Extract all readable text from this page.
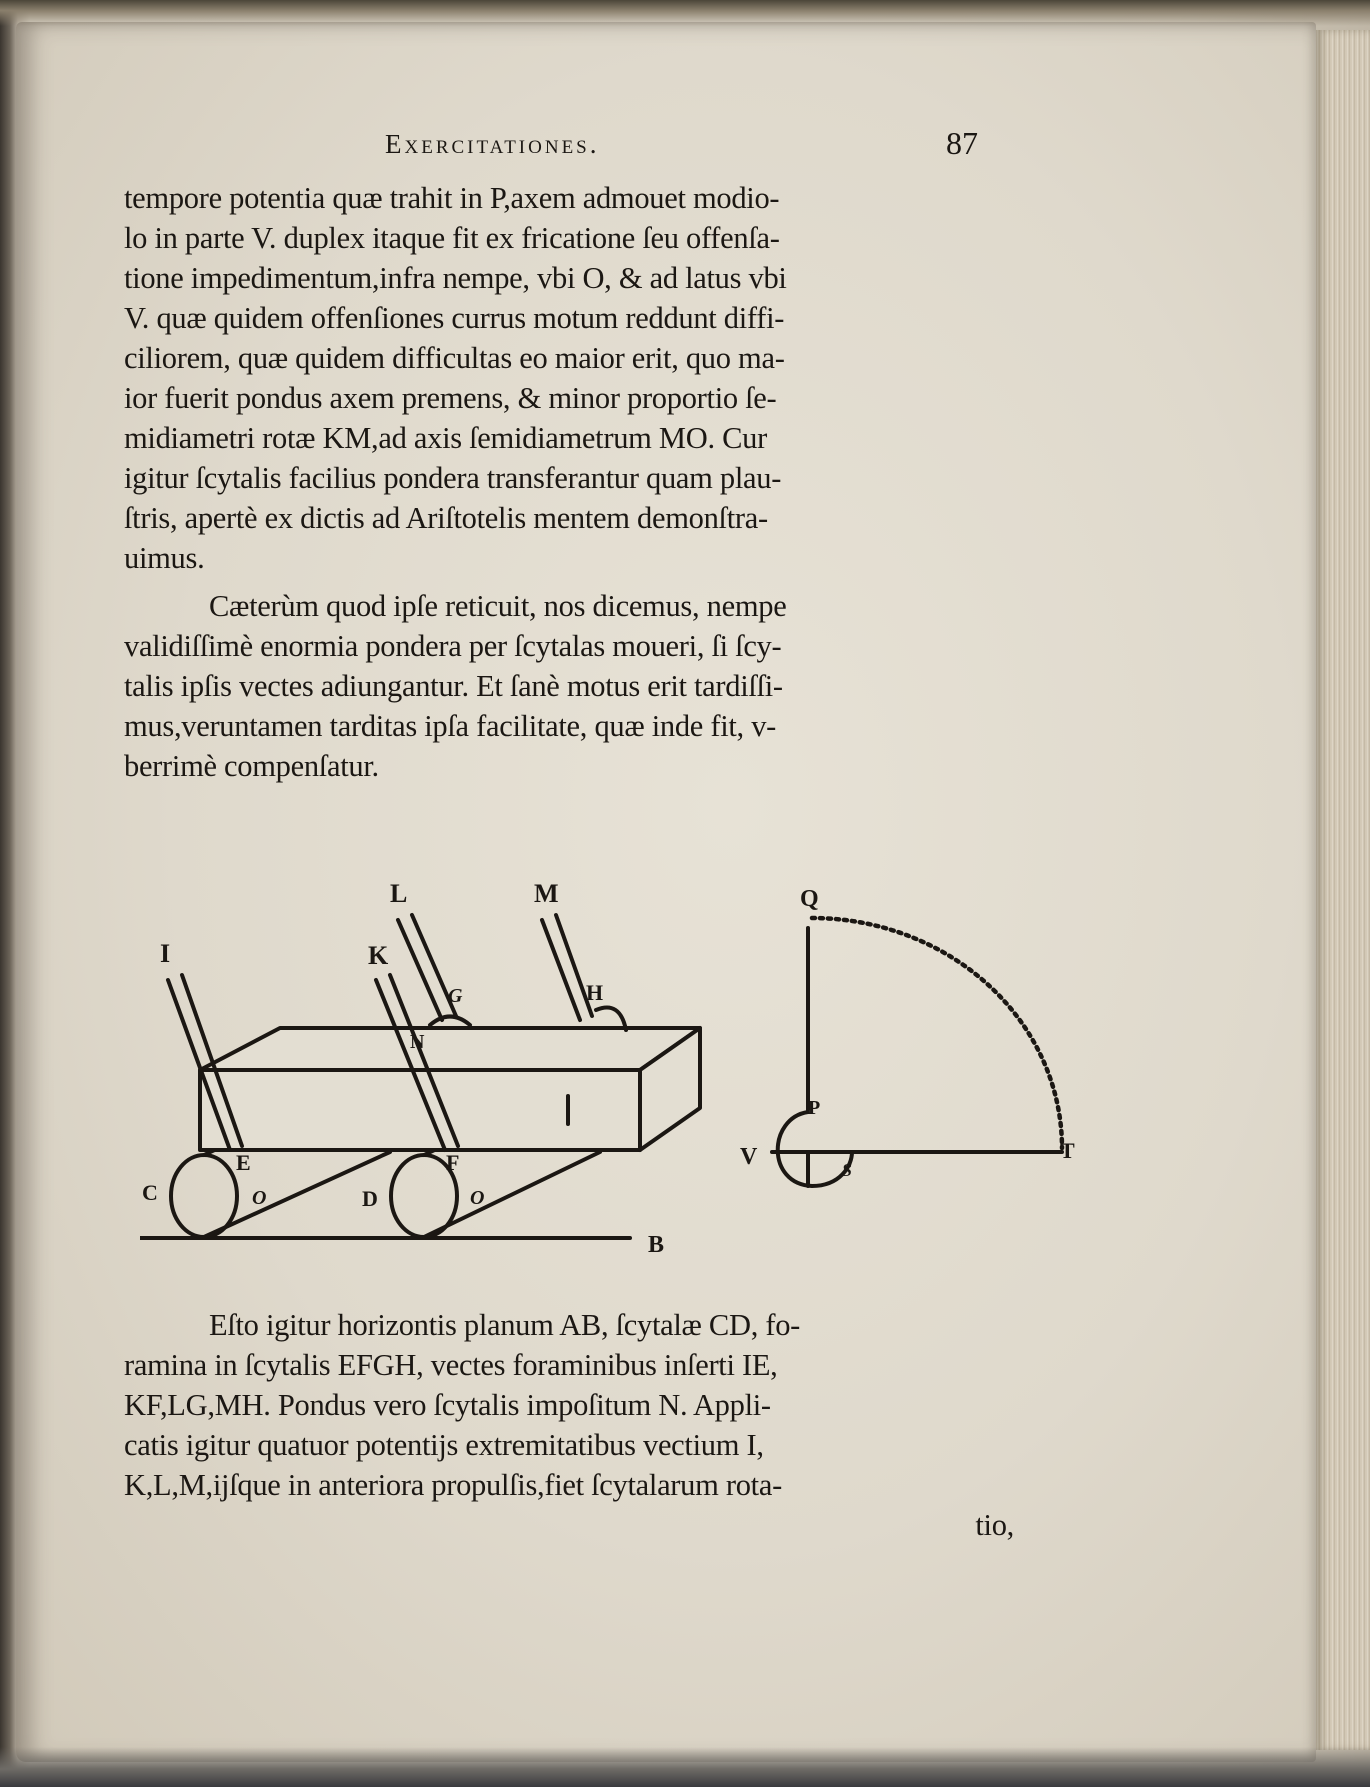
Exercitationes.	87
tempore potentia quæ trahit in P,axem admouet modio-
lo in parte V. duplex itaque fit ex fricatione ſeu offenſa-
tione impedimentum,infra nempe, vbi O, & ad latus vbi
V. quæ quidem offenſiones currus motum reddunt diffi-
ciliorem, quæ quidem difficultas eo maior erit, quo ma-
ior fuerit pondus axem premens, & minor proportio ſe-
midiametri rotæ KM,ad axis ſemidiametrum MO. Cur
igitur ſcytalis facilius pondera transferantur quam plau-
ſtris, apertè ex dictis ad Ariſtotelis mentem demonſtra-
uimus.
Cæterùm quod ipſe reticuit, nos dicemus, nempe
validiſſimè enormia pondera per ſcytalas moueri, ſi ſcy-
talis ipſis vectes adiungantur. Et ſanè motus erit tardiſſi-
mus,veruntamen tarditas ipſa facilitate, quæ inde fit, v-
berrimè compenſatur.
I	K
L	M
N
H
G
E	F
C	D
O	O
B
Q
P
V	S
T
Eſto igitur horizontis planum AB, ſcytalæ CD, fo-
ramina in ſcytalis EFGH, vectes foraminibus inſerti IE,
KF,LG,MH. Pondus vero ſcytalis impoſitum N. Appli-
catis igitur quatuor potentijs extremitatibus vectium I,
K,L,M,ijſque in anteriora propulſis,fiet ſcytalarum rota-
tio,
